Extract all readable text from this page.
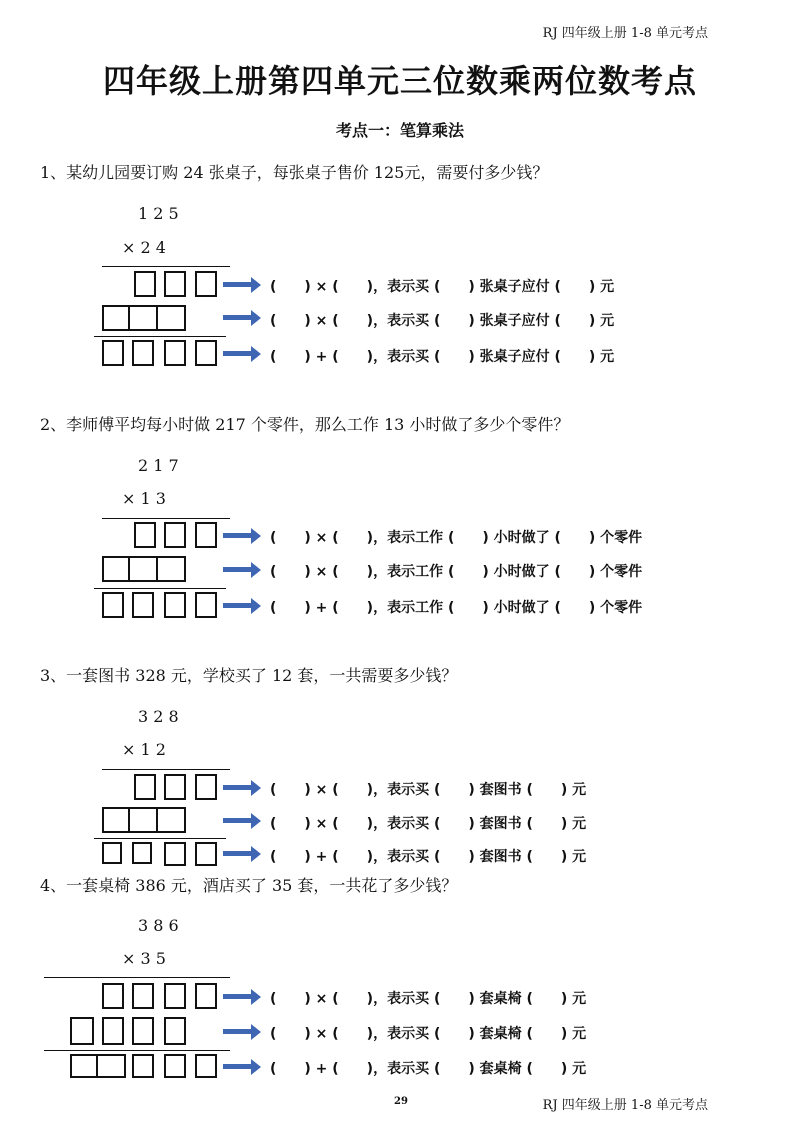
RJ 四年级上册 1-8 单元考点
四年级上册第四单元三位数乘两位数考点
考点一：笔算乘法
1、某幼儿园要订购 24 张桌子，每张桌子售价 125元，需要付多少钱？
1 2 5
× 2 4
(　　) × (　　)，表示买 (　　) 张桌子应付 (　　) 元
(　　) × (　　)，表示买 (　　) 张桌子应付 (　　) 元
(　　) + (　　)，表示买 (　　) 张桌子应付 (　　) 元
2、李师傅平均每小时做 217 个零件，那么工作 13 小时做了多少个零件？
2 1 7
× 1 3
(　　) × (　　)，表示工作 (　　) 小时做了 (　　) 个零件
(　　) × (　　)，表示工作 (　　) 小时做了 (　　) 个零件
(　　) + (　　)，表示工作 (　　) 小时做了 (　　) 个零件
3、一套图书 328 元，学校买了 12 套，一共需要多少钱？
3 2 8
× 1 2
(　　) × (　　)，表示买 (　　) 套图书 (　　) 元
(　　) × (　　)，表示买 (　　) 套图书 (　　) 元
(　　) + (　　)，表示买 (　　) 套图书 (　　) 元
4、一套桌椅 386 元，酒店买了 35 套，一共花了多少钱？
3 8 6
× 3 5
(　　) × (　　)，表示买 (　　) 套桌椅 (　　) 元
(　　) × (　　)，表示买 (　　) 套桌椅 (　　) 元
(　　) + (　　)，表示买 (　　) 套桌椅 (　　) 元
29	RJ 四年级上册 1-8 单元考点
